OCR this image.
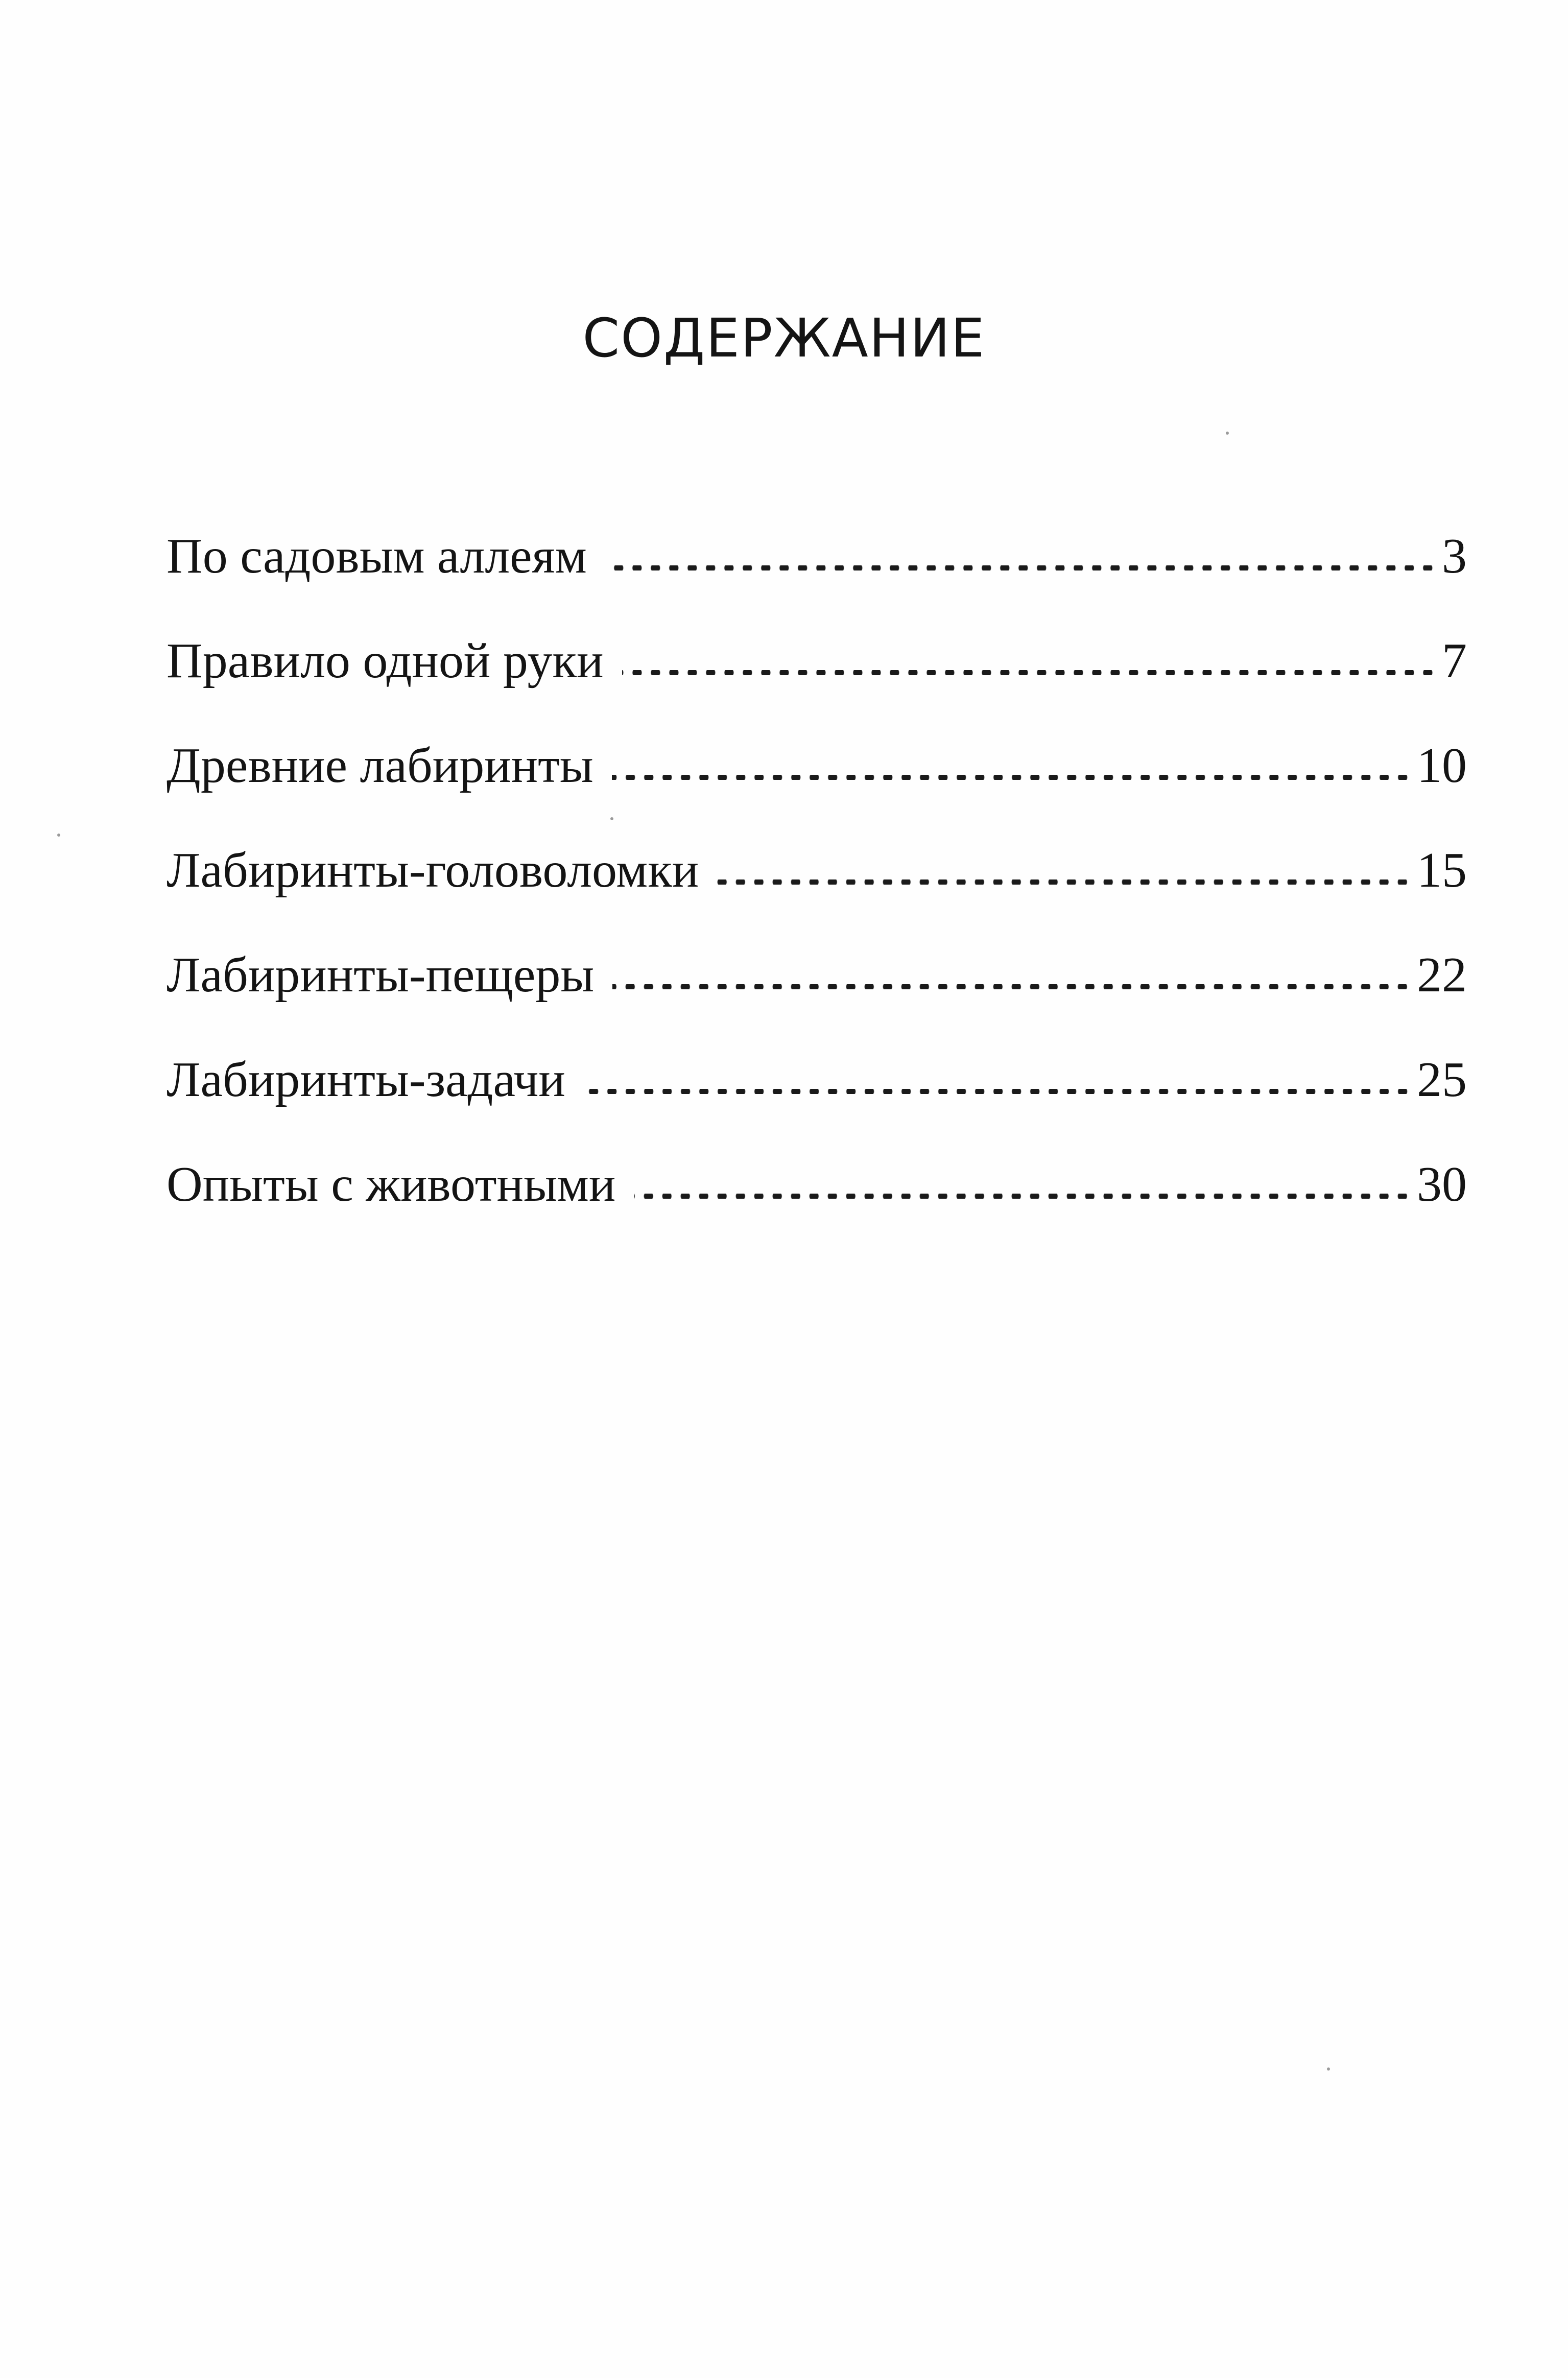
СОДЕРЖАНИЕ
По садовым аллеям	3
Правило одной руки	7
Древние лабиринты	10
Лабиринты-головоломки	15
Лабиринты-пещеры	22
Лабиринты-задачи	25
Опыты с животными	30
